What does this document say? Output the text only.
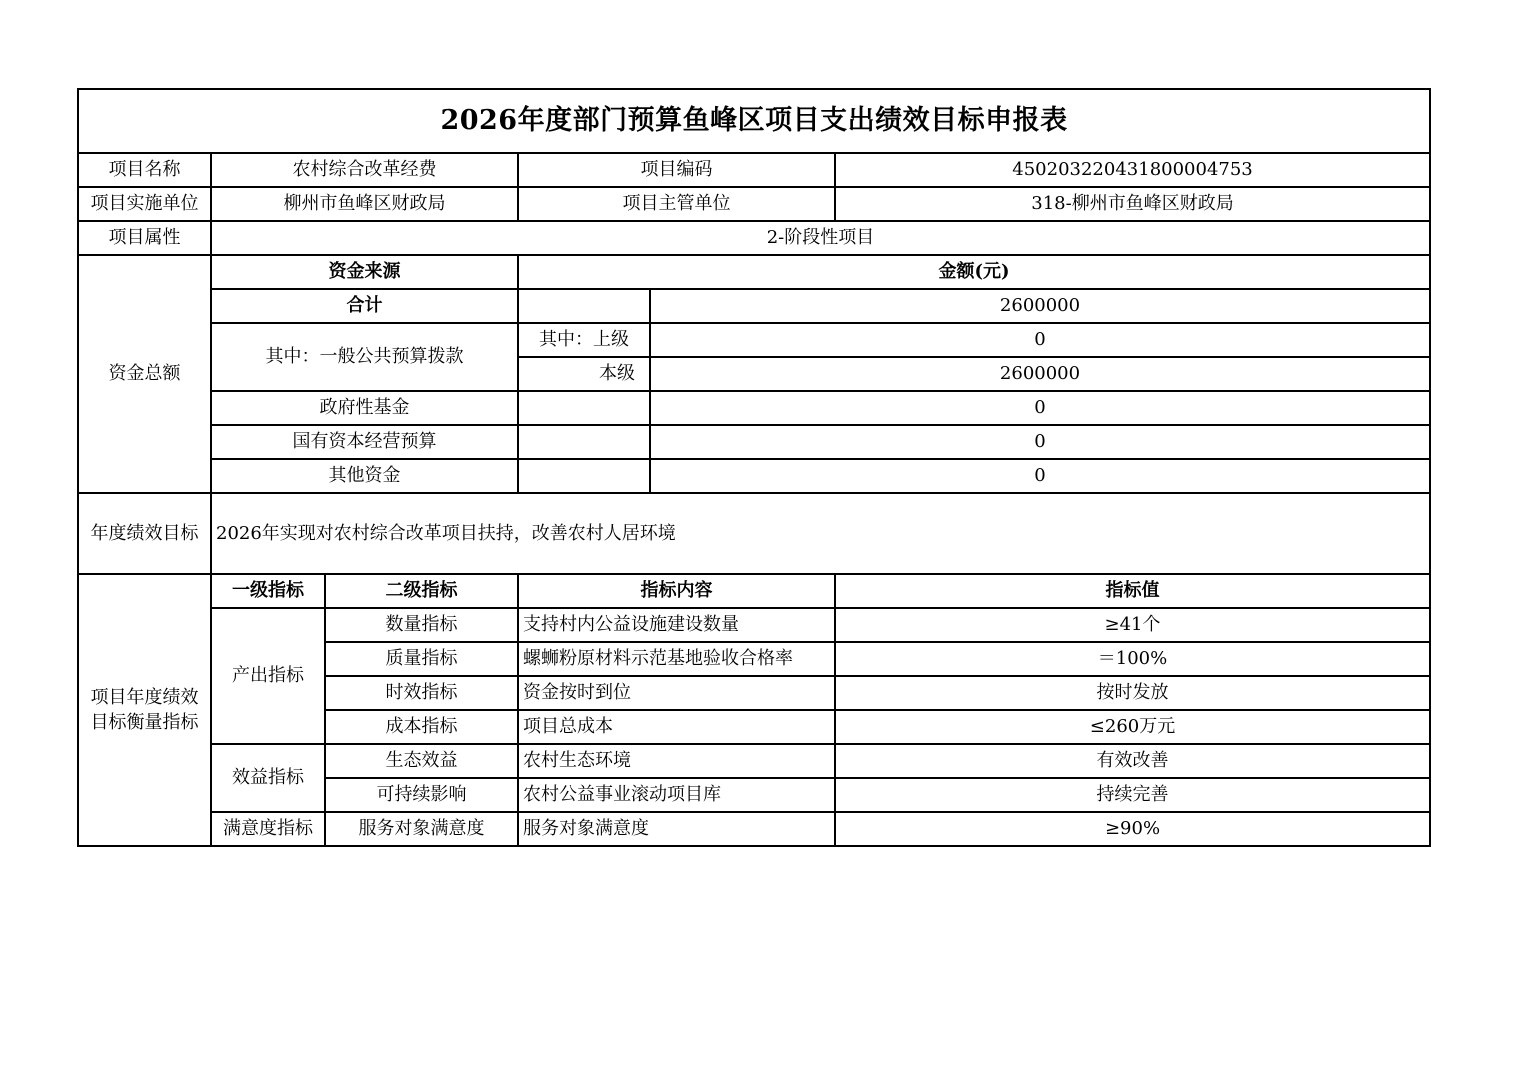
2026年度部门预算鱼峰区项目支出绩效目标申报表					
项目名称	农村综合改革经费		项目编码		450203220431800004753
项目实施单位	柳州市鱼峰区财政局		项目主管单位		318-柳州市鱼峰区财政局
项目属性	2-阶段性项目				
资金总额	资金来源		金额(元)		
	合计			2600000	
	其中：一般公共预算拨款		其中：上级	0	
			本级	2600000	
	政府性基金			0	
	国有资本经营预算			0	
	其他资金			0	
年度绩效目标	2026年实现对农村综合改革项目扶持，改善农村人居环境				
项目年度绩效目标衡量指标	一级指标	二级指标	指标内容		指标值
	产出指标	数量指标	支持村内公益设施建设数量		≥41个
		质量指标	螺蛳粉原材料示范基地验收合格率		＝100%
		时效指标	资金按时到位		按时发放
		成本指标	项目总成本		≤260万元
	效益指标	生态效益	农村生态环境		有效改善
		可持续影响	农村公益事业滚动项目库		持续完善
	满意度指标	服务对象满意度	服务对象满意度		≥90%
